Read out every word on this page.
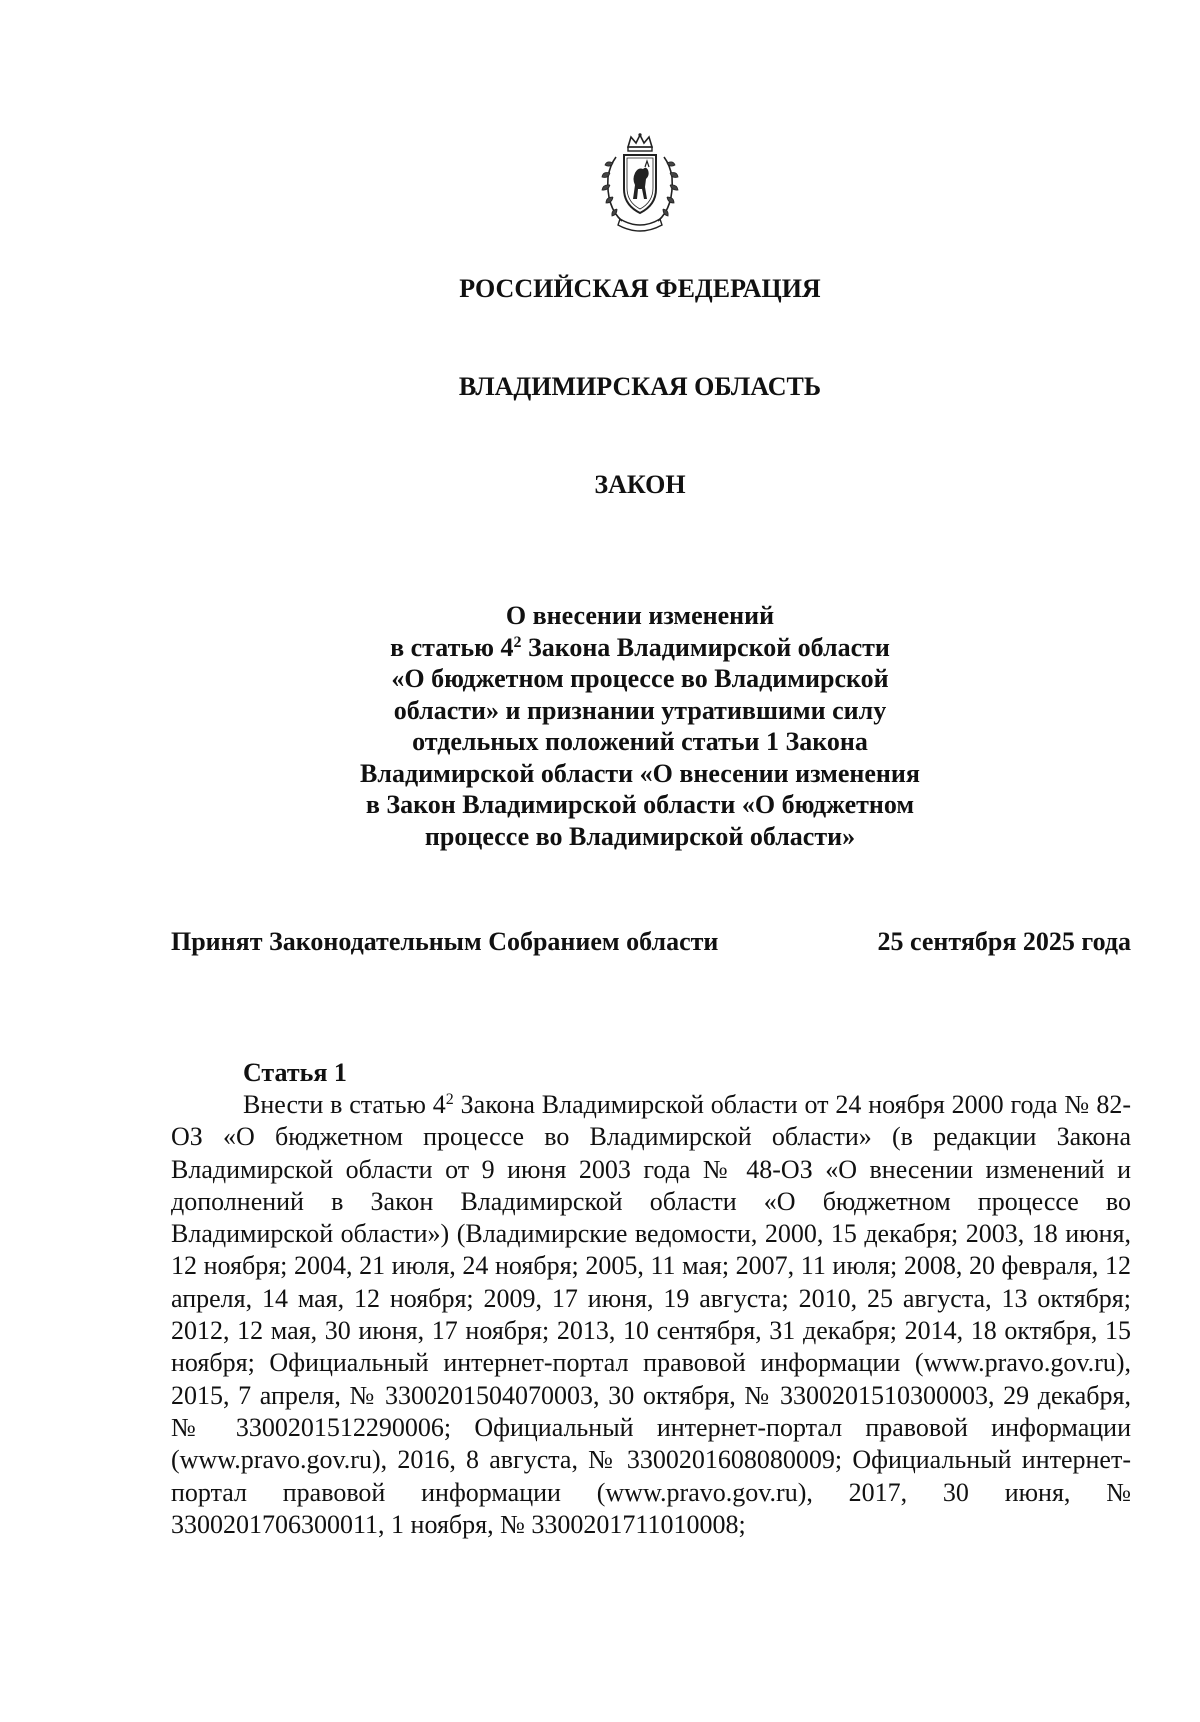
РОССИЙСКАЯ ФЕДЕРАЦИЯ
ВЛАДИМИРСКАЯ ОБЛАСТЬ
ЗАКОН
О внесении изменений
в статью $4^2$ Закона Владимирской области
«О бюджетном процессе во Владимирской
области» и признании утратившими силу
отдельных положений статьи 1 Закона
Владимирской области «О внесении изменения
в Закон Владимирской области «О бюджетном
процессе во Владимирской области»
Принят Законодательным Собранием области	25 сентября 2025 года
Статья 1

Внести в статью $4^2$ Закона Владимирской области от 24 ноября 2000 года № 82-ОЗ «О бюджетном процессе во Владимирской области» (в редакции Закона Владимирской области от 9 июня 2003 года № 48-ОЗ «О внесении изменений и дополнений в Закон Владимирской области «О бюджетном процессе во Владимирской области») (Владимирские ведомости, 2000, 15 декабря; 2003, 18 июня, 12 ноября; 2004, 21 июля, 24 ноября; 2005, 11 мая; 2007, 11 июля; 2008, 20 февраля, 12 апреля, 14 мая, 12 ноября; 2009, 17 июня, 19 августа; 2010, 25 августа, 13 октября; 2012, 12 мая, 30 июня, 17 ноября; 2013, 10 сентября, 31 декабря; 2014, 18 октября, 15 ноября; Официальный интернет-портал правовой информации (www.pravo.gov.ru), 2015, 7 апреля, № 3300201504070003, 30 октября, № 3300201510300003, 29 декабря, № 3300201512290006; Официальный интернет-портал правовой информации (www.pravo.gov.ru), 2016, 8 августа, № 3300201608080009; Официальный интернет-портал правовой информации (www.pravo.gov.ru), 2017, 30 июня, № 3300201706300011, 1 ноября, № 3300201711010008;
